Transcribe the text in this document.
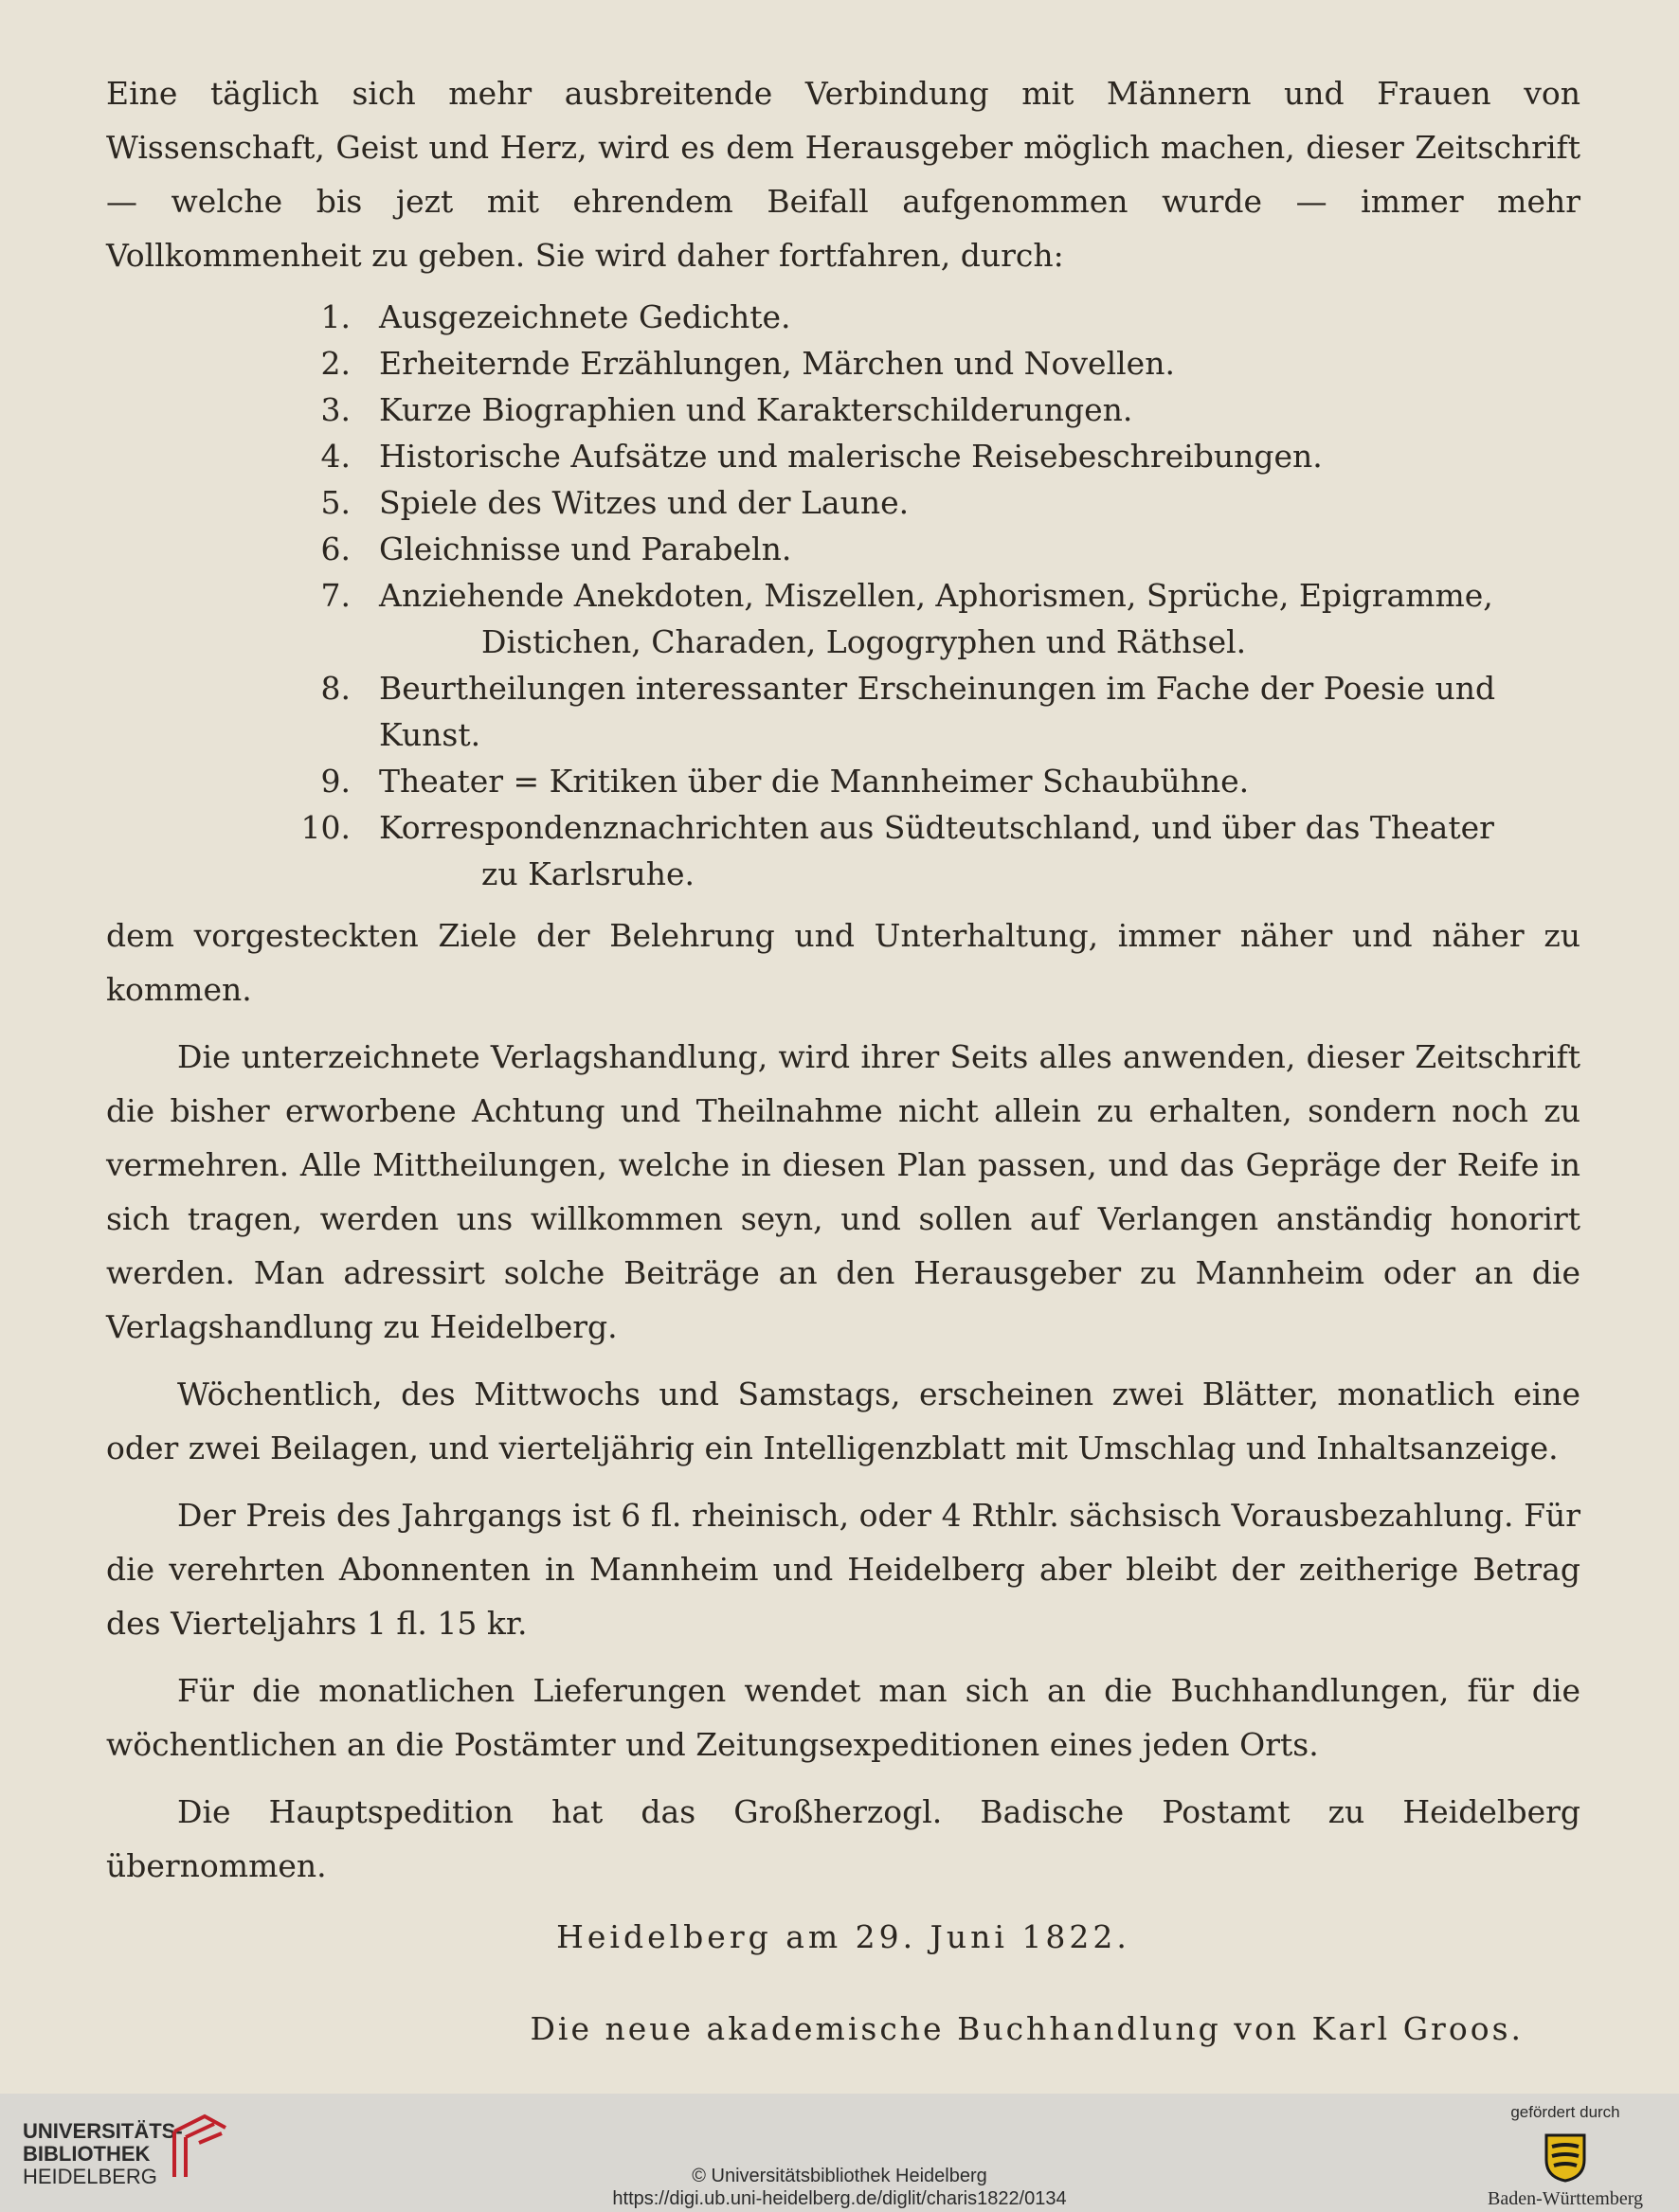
Eine täglich sich mehr ausbreitende Verbindung mit Männern und Frauen von Wissenschaft, Geist und Herz, wird es dem Herausgeber möglich machen, dieser Zeitschrift — welche bis jezt mit ehrendem Beifall aufgenommen wurde — immer mehr Vollkommenheit zu geben. Sie wird daher fortfahren, durch:

1. Ausgezeichnete Gedichte.
2. Erheiternde Erzählungen, Märchen und Novellen.
3. Kurze Biographien und Karakterschilderungen.
4. Historische Aufsätze und malerische Reisebeschreibungen.
5. Spiele des Witzes und der Laune.
6. Gleichnisse und Parabeln.
7. Anziehende Anekdoten, Miszellen, Aphorismen, Sprüche, Epigramme,
Distichen, Charaden, Logogryphen und Räthsel.
8. Beurtheilungen interessanter Erscheinungen im Fache der Poesie und Kunst.
9. Theater = Kritiken über die Mannheimer Schaubühne.
10. Korrespondenznachrichten aus Südteutschland, und über das Theater
zu Karlsruhe.

dem vorgesteckten Ziele der Belehrung und Unterhaltung, immer näher und näher zu kommen.

Die unterzeichnete Verlagshandlung, wird ihrer Seits alles anwenden, dieser Zeitschrift die bisher erworbene Achtung und Theilnahme nicht allein zu erhalten, sondern noch zu vermehren. Alle Mittheilungen, welche in diesen Plan passen, und das Gepräge der Reife in sich tragen, werden uns willkommen seyn, und sollen auf Verlangen anständig honorirt werden. Man adressirt solche Beiträge an den Herausgeber zu Mannheim oder an die Verlagshandlung zu Heidelberg.

Wöchentlich, des Mittwochs und Samstags, erscheinen zwei Blätter, monatlich eine oder zwei Beilagen, und vierteljährig ein Intelligenzblatt mit Umschlag und Inhaltsanzeige.

Der Preis des Jahrgangs ist 6 fl. rheinisch, oder 4 Rthlr. sächsisch Vorausbezahlung. Für die verehrten Abonnenten in Mannheim und Heidelberg aber bleibt der zeitherige Betrag des Vierteljahrs 1 fl. 15 kr.

Für die monatlichen Lieferungen wendet man sich an die Buchhandlungen, für die wöchentlichen an die Postämter und Zeitungsexpeditionen eines jeden Orts.

Die Hauptspedition hat das Großherzogl. Badische Postamt zu Heidelberg übernommen.

Heidelberg am 29. Juni 1822.

Die neue akademische Buchhandlung von Karl Groos.

UNIVERSITÄTS-
BIBLIOTHEK
HEIDELBERG	© Universitätsbibliothek Heidelberg
https://digi.ub.uni-heidelberg.de/diglit/charis1822/0134
gefördert durch
Baden-Württemberg
